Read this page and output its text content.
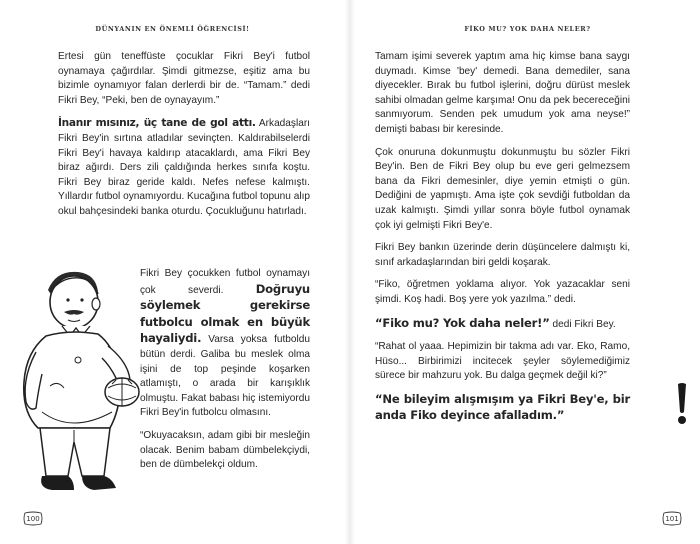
DÜNYANIN EN ÖNEMLİ ÖĞRENCİSİ!

Ertesi gün teneffüste çocuklar Fikri Bey'i futbol oynamaya çağırdılar. Şimdi gitmezse, eşitiz ama bu bizimle oynamıyor falan derlerdi bir de. “Tamam.” dedi Fikri Bey, “Peki, ben de oynayayım.”

İnanır mısınız, üç tane de gol attı. Arkadaşları Fikri Bey'in sırtına atladılar sevinçten. Kaldırabilselerdi Fikri Bey'i havaya kaldırıp atacaklardı, ama Fikri Bey biraz ağırdı. Ders zili çaldığında herkes sınıfa koştu. Fikri Bey biraz geride kaldı. Nefes nefese kalmıştı. Yıllardır futbol oynamıyordu. Kucağına futbol topunu alıp okul bahçesindeki banka oturdu. Çocukluğunu hatırladı.

Fikri Bey çocukken futbol oynamayı çok severdi. Doğruyu söylemek gerekirse futbolcu olmak en büyük hayaliydi. Varsa yoksa futboldu bütün derdi. Galiba bu meslek olma işini de top peşinde koşarken atlamıştı, o arada bir karışıklık olmuştu. Fakat babası hiç istemiyordu Fikri Bey'in futbolcu olmasını.

“Okuyacaksın, adam gibi bir mesleğin olacak. Benim babam dümbelekçiydi, ben de dümbelekçi oldum.

100
FİKO MU? YOK DAHA NELER?

Tamam işimi severek yaptım ama hiç kimse bana saygı duymadı. Kimse 'bey' demedi. Bana demediler, sana diyecekler. Bırak bu futbol işlerini, doğru dürüst meslek sahibi olmadan gelme karşıma! Onu da pek becereceğini sanmıyorum. Senden pek umudum yok ama neyse!” demişti babası bir keresinde.

Çok onuruna dokunmuştu dokunmuştu bu sözler Fikri Bey'in. Ben de Fikri Bey olup bu eve geri gelmezsem bana da Fikri demesinler, diye yemin etmişti o gün. Dediğini de yapmıştı. Ama işte çok sevdiği futboldan da uzak kalmıştı. Şimdi yıllar sonra böyle futbol oynamak çok iyi gelmişti Fikri Bey'e.

Fikri Bey bankın üzerinde derin düşüncelere dalmıştı ki, sınıf arkadaşlarından biri geldi koşarak.

“Fiko, öğretmen yoklama alıyor. Yok yazacaklar seni şimdi. Koş hadi. Boş yere yok yazılma.” dedi.

“Fiko mu? Yok daha neler!” dedi Fikri Bey.

“Rahat ol yaaa. Hepimizin bir takma adı var. Eko, Ramo, Hüso... Birbirimizi incitecek şeyler söylemediğimiz sürece bir mahzuru yok. Bu dalga geçmek değil ki?”

“Ne bileyim alışmışım ya Fikri Bey'e, bir anda Fiko deyince afalladım.”

101
